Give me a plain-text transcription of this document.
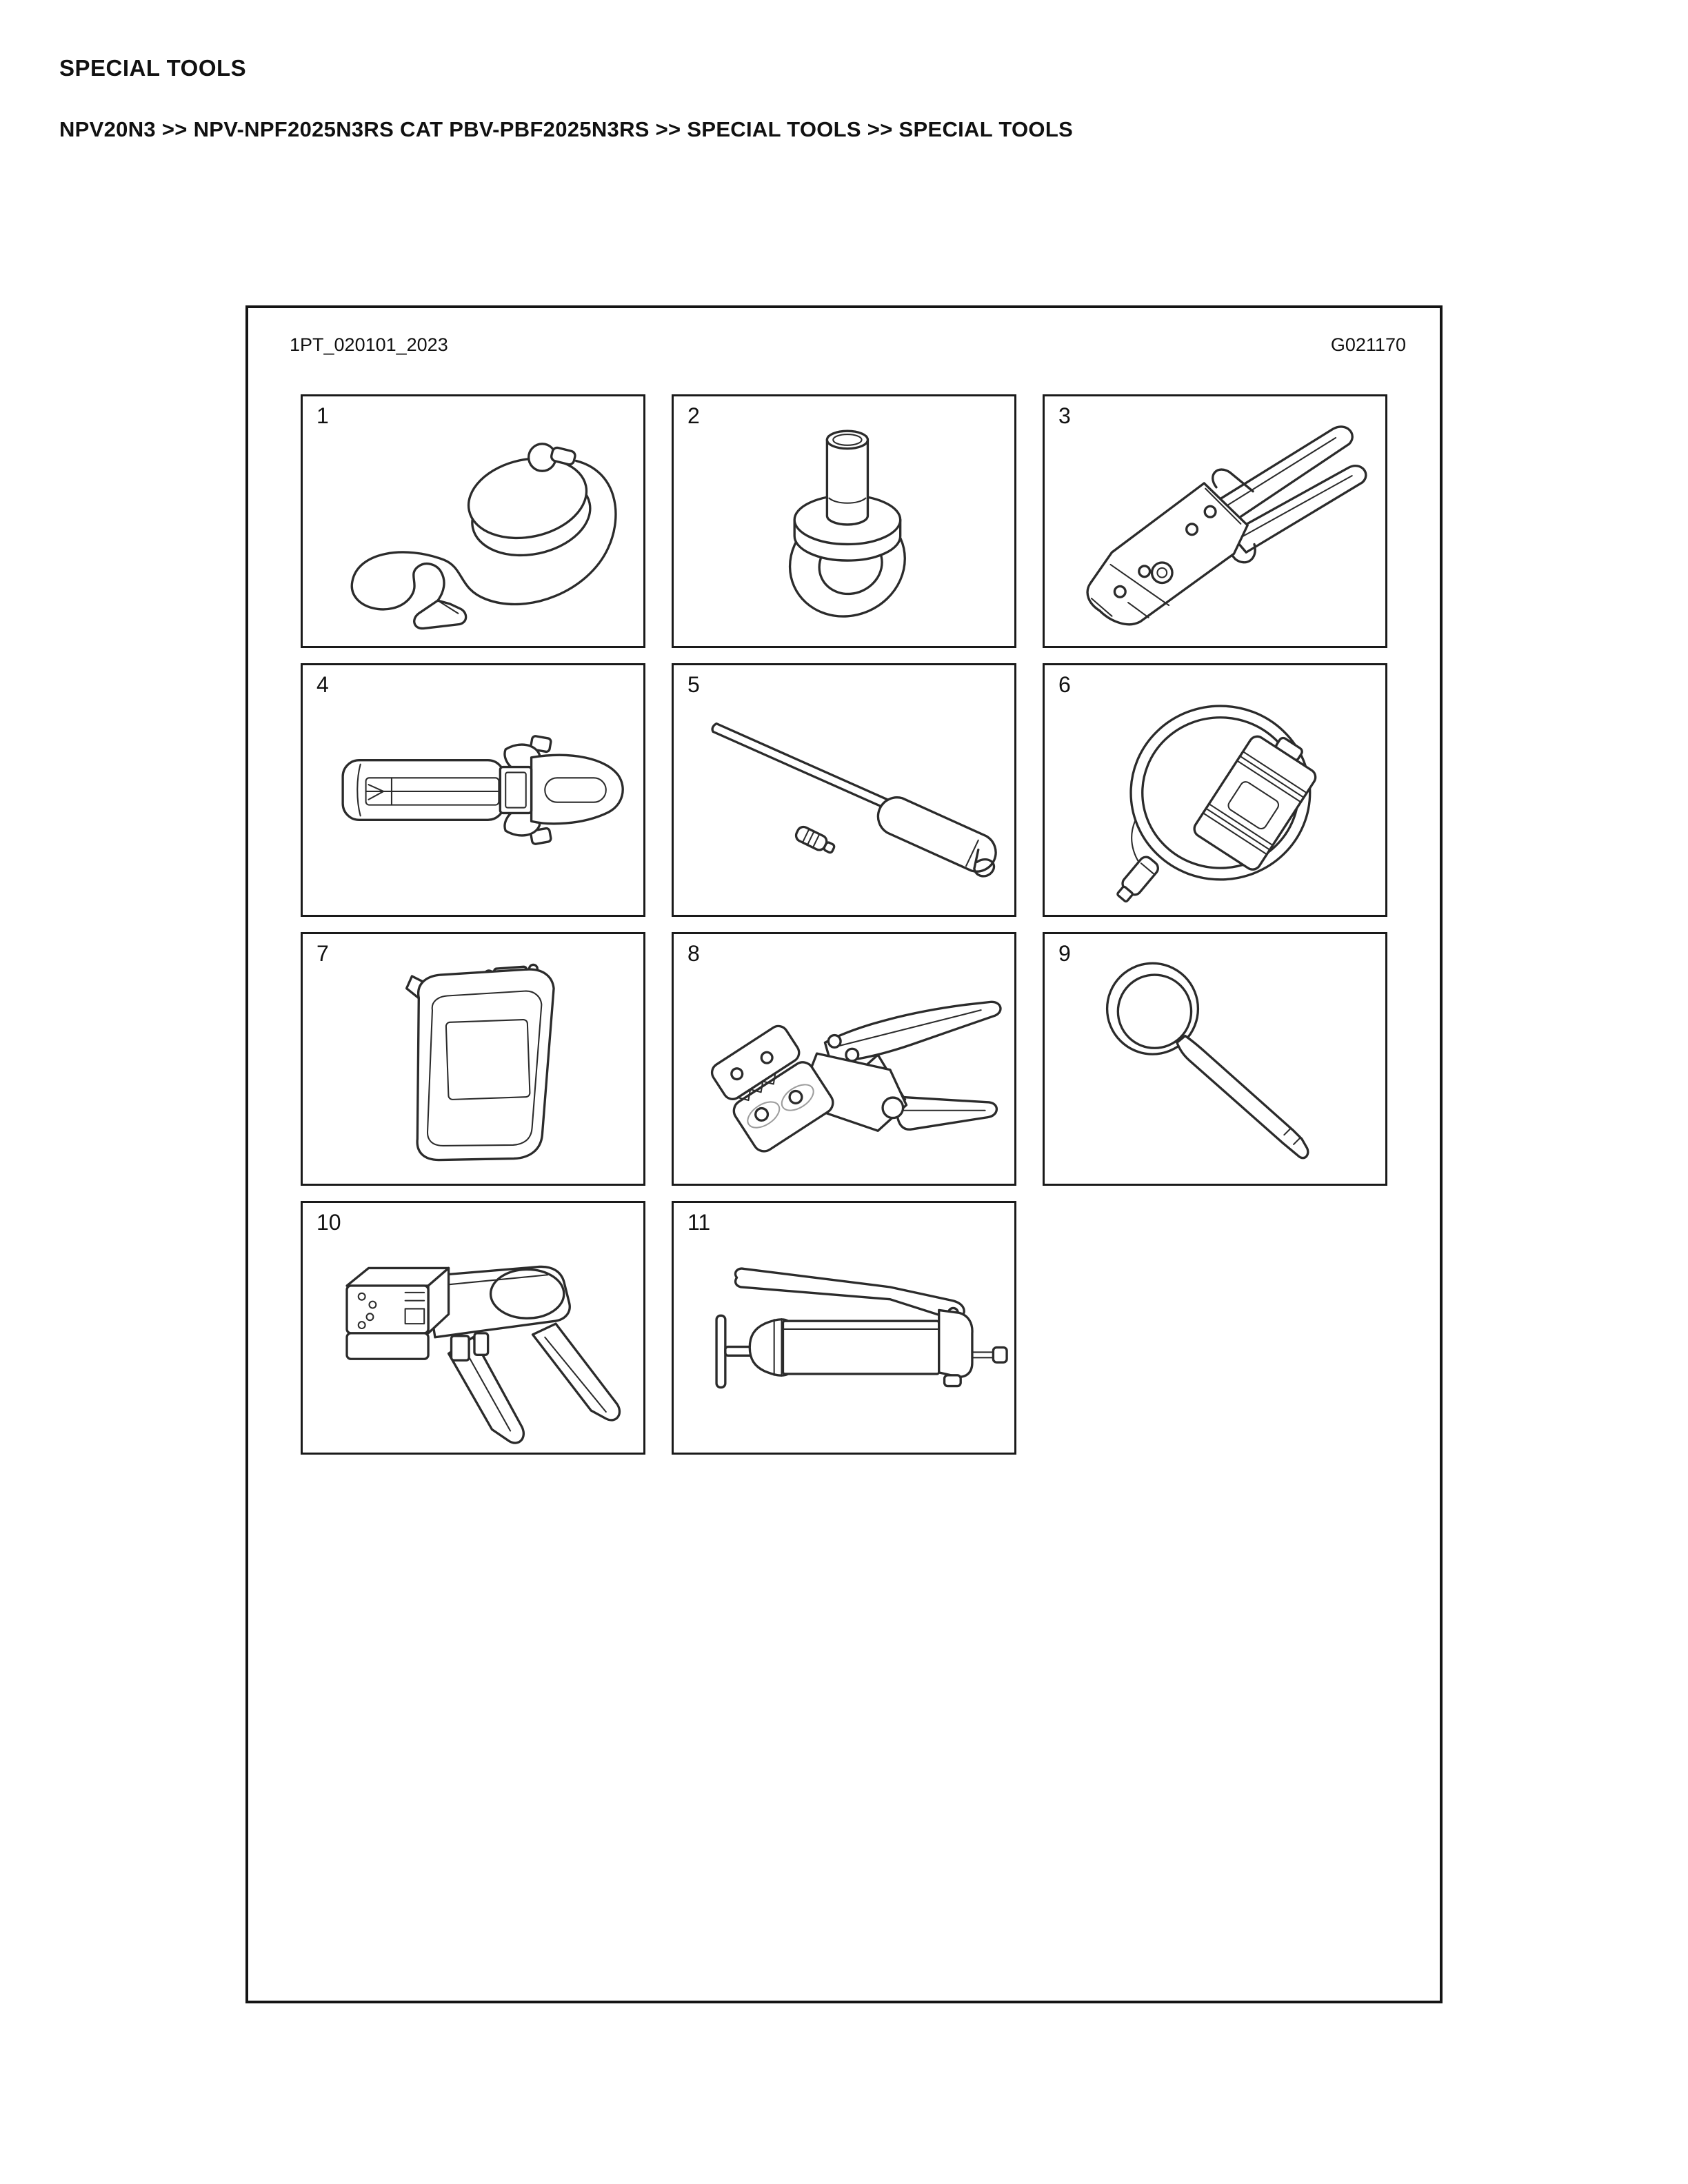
SPECIAL TOOLS
NPV20N3 >> NPV-NPF2025N3RS CAT PBV-PBF2025N3RS >> SPECIAL TOOLS >> SPECIAL TOOLS
1PT_020101_2023	G021170
1	2	3
4	5	6
7	8	9
10	11
